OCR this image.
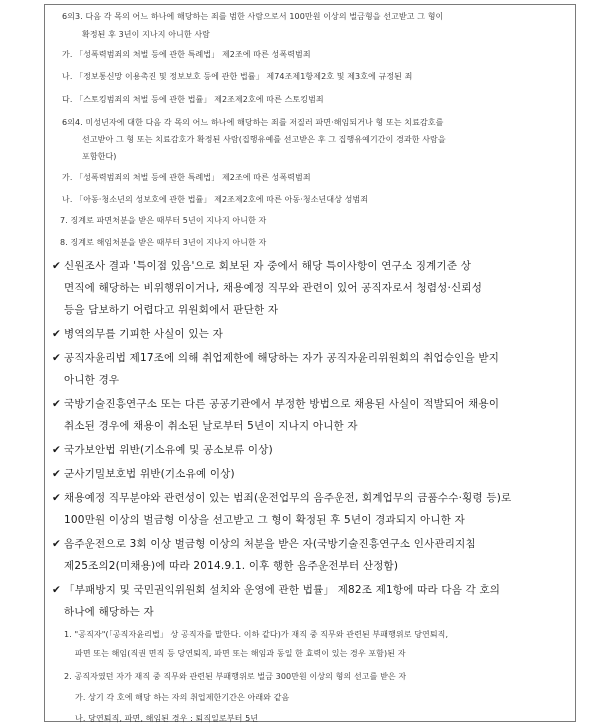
6의3. 다음 각 목의 어느 하나에 해당하는 죄를 범한 사람으로서 100만원 이상의 벌금형을 선고받고 그 형이
확정된 후 3년이 지나지 아니한 사람
가. 「성폭력범죄의 처벌 등에 관한 특례법」 제2조에 따른 성폭력범죄
나. 「정보통신망 이용촉진 및 정보보호 등에 관한 법률」 제74조제1항제2호 및 제3호에 규정된 죄
다. 「스토킹범죄의 처벌 등에 관한 법률」 제2조제2호에 따른 스토킹범죄
6의4. 미성년자에 대한 다음 각 목의 어느 하나에 해당하는 죄를 저질러 파면·해임되거나 형 또는 치료감호를
선고받아 그 형 또는 치료감호가 확정된 사람(집행유예를 선고받은 후 그 집행유예기간이 경과한 사람을
포함한다)
가. 「성폭력범죄의 처벌 등에 관한 특례법」 제2조에 따른 성폭력범죄
나. 「아동·청소년의 성보호에 관한 법률」 제2조제2호에 따른 아동·청소년대상 성범죄
7. 징계로 파면처분을 받은 때부터 5년이 지나지 아니한 자
8. 징계로 해임처분을 받은 때부터 3년이 지나지 아니한 자
✔ 신원조사 결과 '특이점 있음'으로 회보된 자 중에서 해당 특이사항이 연구소 징계기준 상
면직에 해당하는 비위행위이거나, 채용예정 직무와 관련이 있어 공직자로서 청렴성·신뢰성
등을 담보하기 어렵다고 위원회에서 판단한 자
✔ 병역의무를 기피한 사실이 있는 자
✔ 공직자윤리법 제17조에 의해 취업제한에 해당하는 자가 공직자윤리위원회의 취업승인을 받지
아니한 경우
✔ 국방기술진흥연구소 또는 다른 공공기관에서 부정한 방법으로 채용된 사실이 적발되어 채용이
취소된 경우에 채용이 취소된 날로부터 5년이 지나지 아니한 자
✔ 국가보안법 위반(기소유예 및 공소보류 이상)
✔ 군사기밀보호법 위반(기소유예 이상)
✔ 채용예정 직무분야와 관련성이 있는 범죄(운전업무의 음주운전, 회계업무의 금품수수·횡령 등)로
100만원 이상의 벌금형 이상을 선고받고 그 형이 확정된 후 5년이 경과되지 아니한 자
✔ 음주운전으로 3회 이상 벌금형 이상의 처분을 받은 자(국방기술진흥연구소 인사관리지침
제25조의2(미채용)에 따라 2014.9.1. 이후 행한 음주운전부터 산정함)
✔ 「부패방지 및 국민권익위원회 설치와 운영에 관한 법률」 제82조 제1항에 따라 다음 각 호의
하나에 해당하는 자
1. "공직자"(「공직자윤리법」 상 공직자를 말한다. 이하 같다)가 재직 중 직무와 관련된 부패행위로 당연퇴직,
파면 또는 해임(직권 면직 등 당연퇴직, 파면 또는 해임과 동일 한 효력이 있는 경우 포함)된 자
2. 공직자였던 자가 재직 중 직무와 관련된 부패행위로 벌금 300만원 이상의 형의 선고를 받은 자
가. 상기 각 호에 해당 하는 자의 취업제한기간은 아래와 같음
나. 당연퇴직, 파면, 해임된 경우 : 퇴직일로부터 5년
